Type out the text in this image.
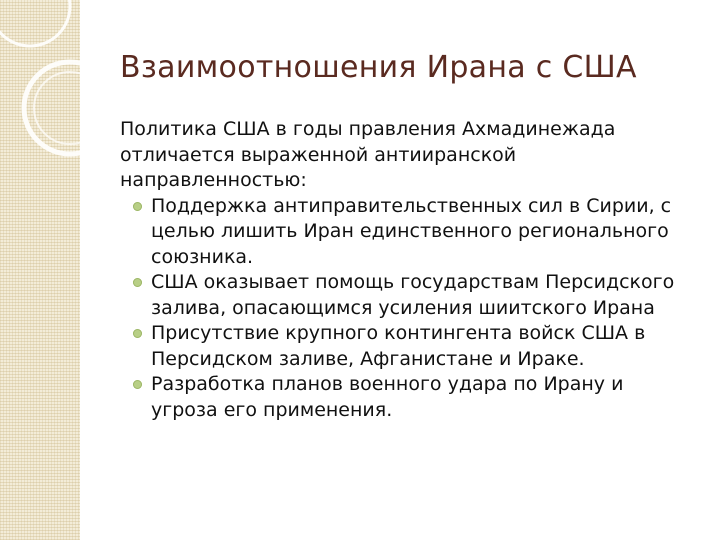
Взаимоотношения Ирана с США

Политика США в годы правления Ахмадинежада отличается выраженной антииранской направленностью:

Поддержка антиправительственных сил в Сирии, с целью лишить Иран единственного регионального союзника.
США оказывает помощь государствам Персидского залива, опасающимся усиления шиитского Ирана
Присутствие крупного контингента войск США в Персидском заливе, Афганистане и Ираке.
Разработка планов военного удара по Ирану и угроза его применения.
